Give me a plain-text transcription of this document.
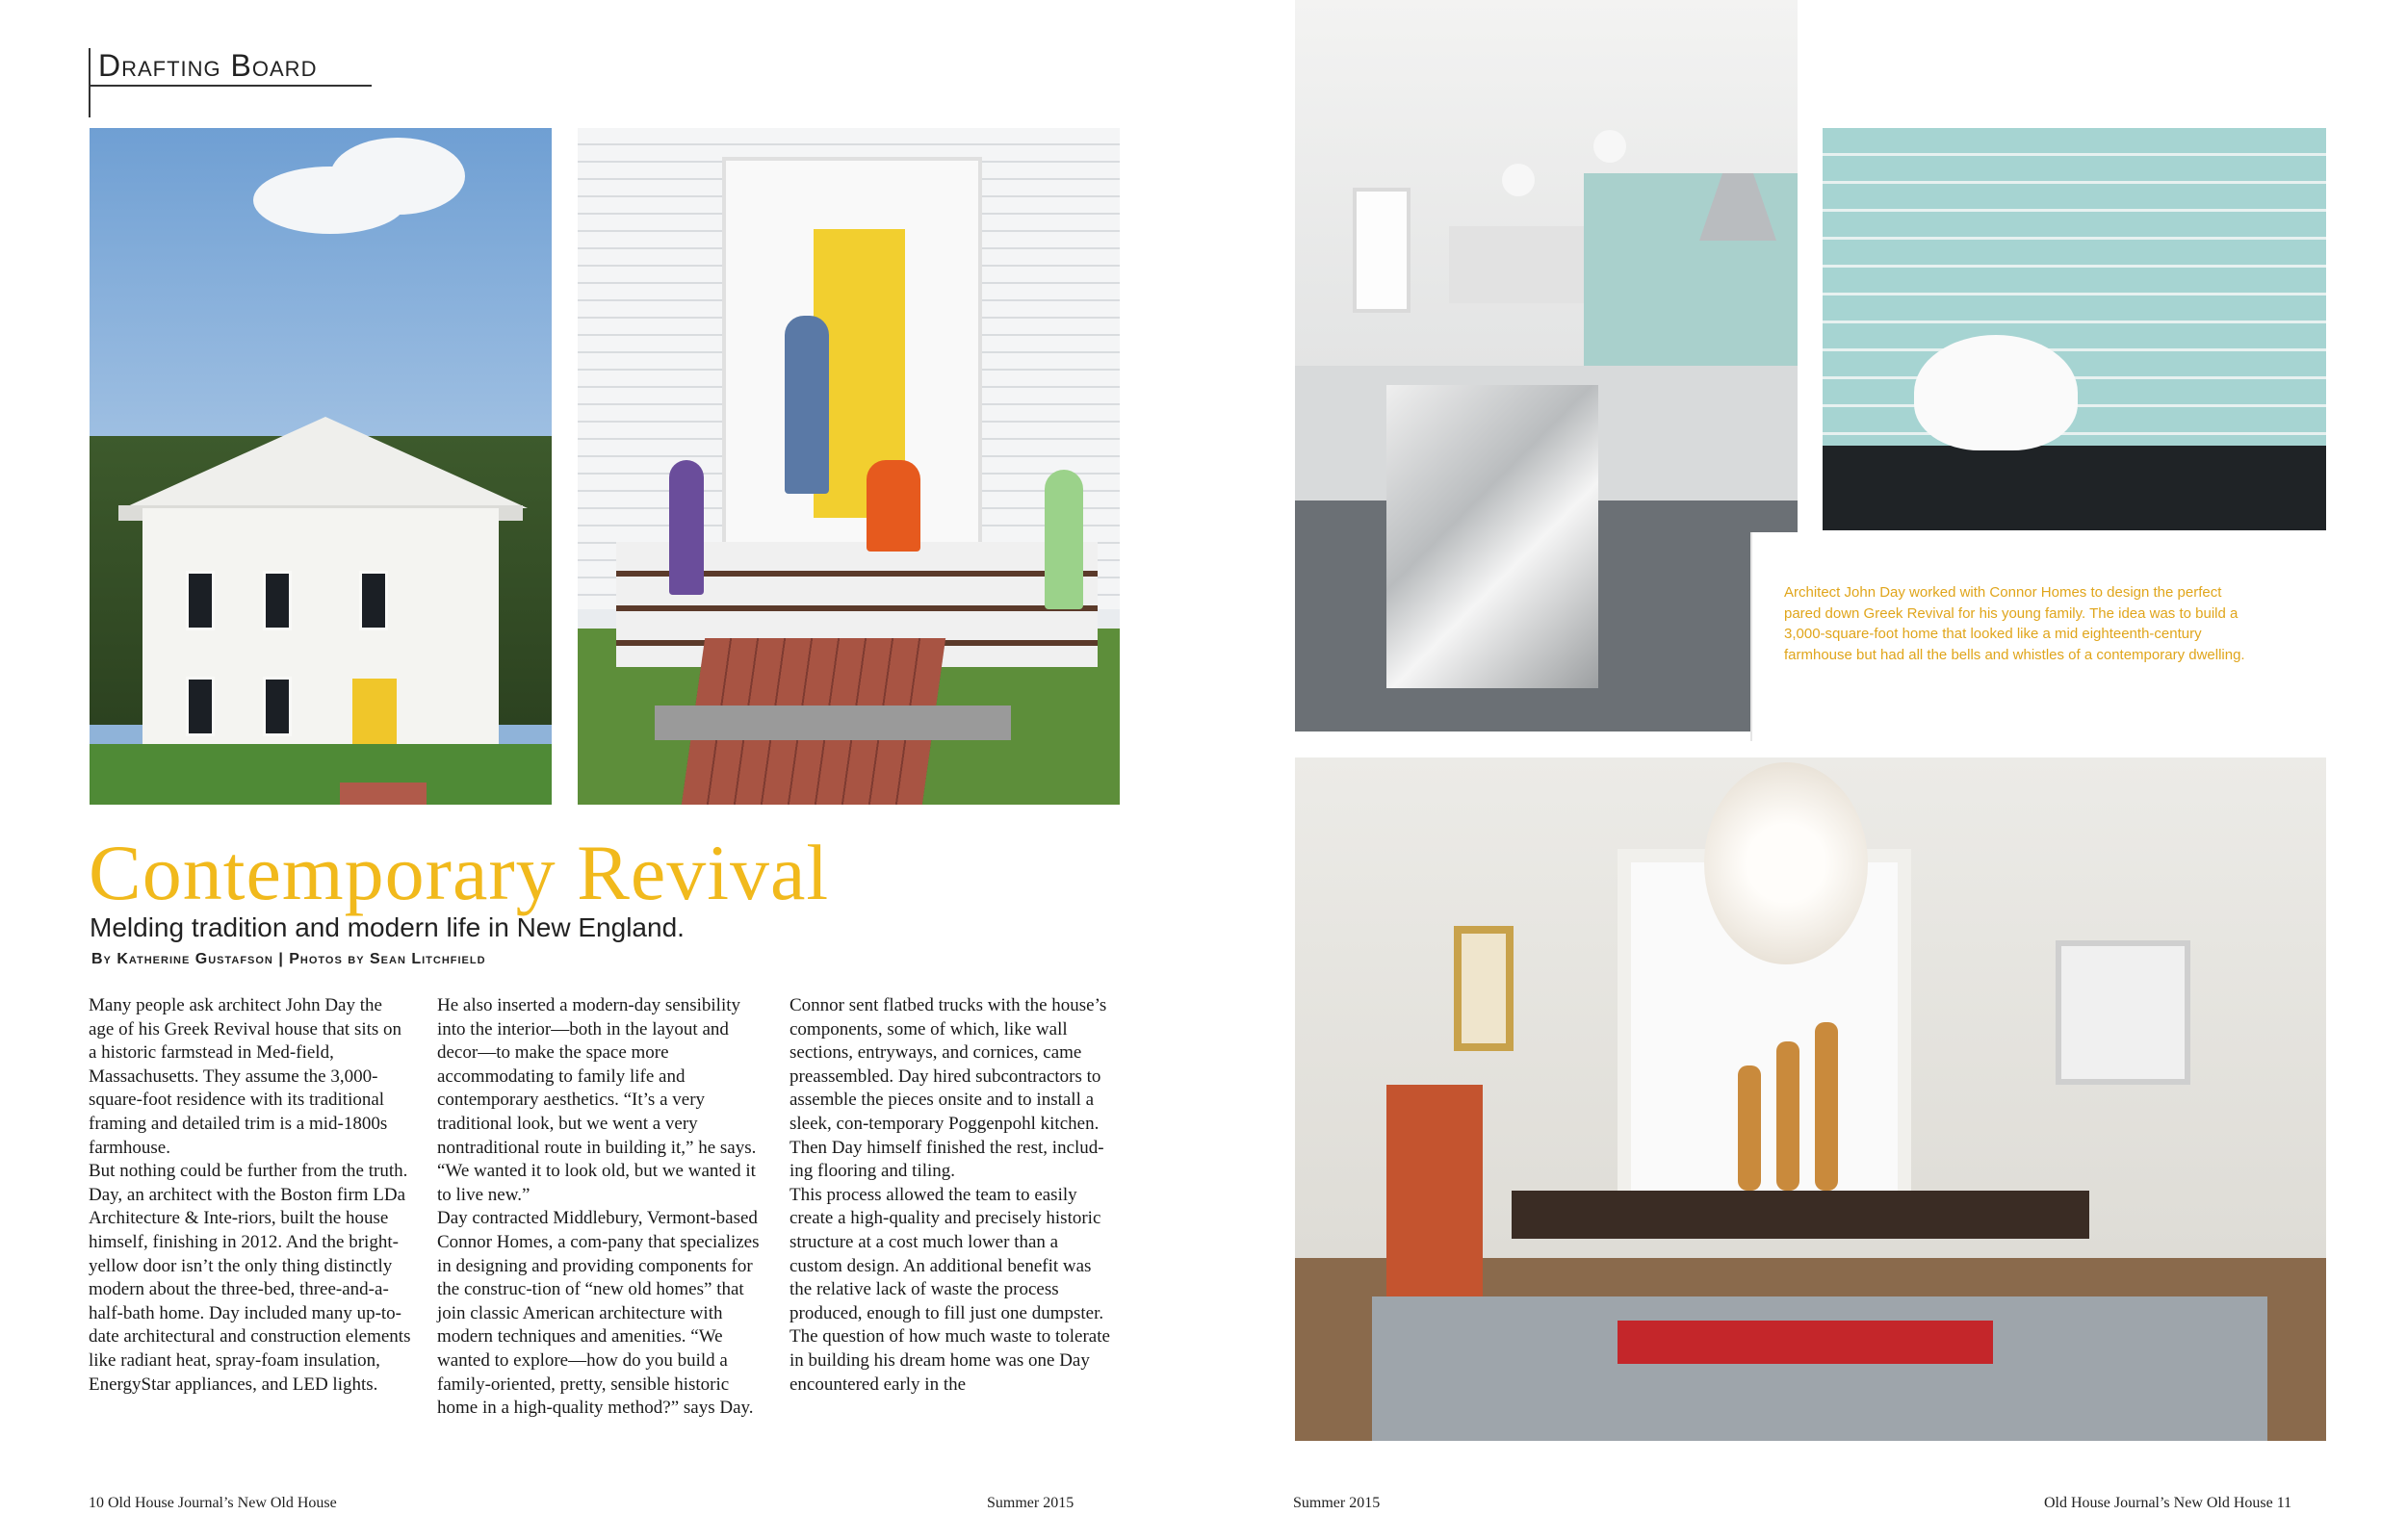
Drafting Board
Contemporary Revival
Melding tradition and modern life in New England.
By Katherine Gustafson | Photos by Sean Litchfield
Many people ask architect John Day the age of his Greek Revival house that sits on a historic farmstead in Med-field, Massachusetts. They assume the 3,000-square-foot residence with its traditional framing and detailed trim is a mid-1800s farmhouse.
But nothing could be further from the truth. Day, an architect with the Boston firm LDa Architecture & Inte-riors, built the house himself, finishing in 2012. And the bright-yellow door isn’t the only thing distinctly modern about the three-bed, three-and-a-half-bath home. Day included many up-to-date architectural and construction elements like radiant heat, spray-foam insulation, EnergyStar appliances, and LED lights.
He also inserted a modern-day sensibility into the interior—both in the layout and decor—to make the space more accommodating to family life and contemporary aesthetics. “It’s a very traditional look, but we went a very nontraditional route in building it,” he says. “We wanted it to look old, but we wanted it to live new.”
Day contracted Middlebury, Vermont-based Connor Homes, a com-pany that specializes in designing and providing components for the construc-tion of “new old homes” that join classic American architecture with modern techniques and amenities. “We wanted to explore—how do you build a family-oriented, pretty, sensible historic home in a high-quality method?” says Day.
Connor sent flatbed trucks with the house’s components, some of which, like wall sections, entryways, and cornices, came preassembled. Day hired subcontractors to assemble the pieces onsite and to install a sleek, con-temporary Poggenpohl kitchen. Then Day himself finished the rest, includ-ing flooring and tiling.
This process allowed the team to easily create a high-quality and precisely historic structure at a cost much lower than a custom design. An additional benefit was the relative lack of waste the process produced, enough to fill just one dumpster.
The question of how much waste to tolerate in building his dream home was one Day encountered early in the
10 Old House Journal’s New Old House	Summer 2015	Summer 2015	Old House Journal’s New Old House 11
Architect John Day worked with Connor Homes to design the perfect pared down Greek Revival for his young family. The idea was to build a 3,000-square-foot home that looked like a mid eighteenth-century farmhouse but had all the bells and whistles of a contemporary dwelling.
